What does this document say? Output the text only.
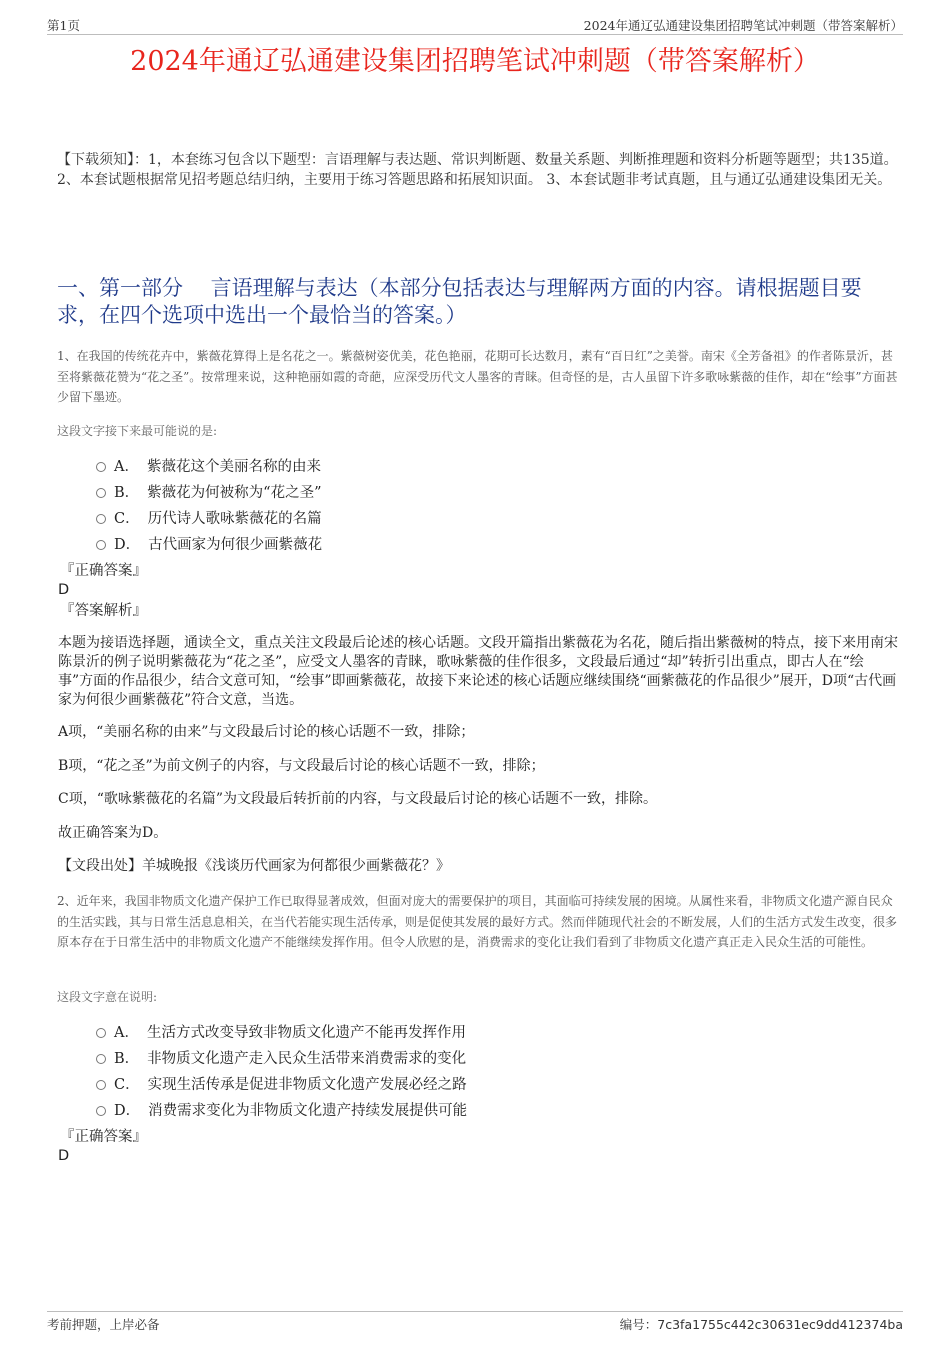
第1页	2024年通辽弘通建设集团招聘笔试冲刺题（带答案解析）
2024年通辽弘通建设集团招聘笔试冲刺题（带答案解析）
【下载须知】：1，本套练习包含以下题型：言语理解与表达题、常识判断题、数量关系题、判断推理题和资料分析题等题型；共135道。 2、本套试题根据常见招考题总结归纳，主要用于练习答题思路和拓展知识面。 3、本套试题非考试真题，且与通辽弘通建设集团无关。
一、第一部分　 言语理解与表达（本部分包括表达与理解两方面的内容。请根据题目要求，在四个选项中选出一个最恰当的答案。）
1、在我国的传统花卉中，紫薇花算得上是名花之一。紫薇树姿优美，花色艳丽，花期可长达数月，素有“百日红”之美誉。南宋《全芳备祖》的作者陈景沂，甚至将紫薇花赞为“花之圣”。按常理来说，这种艳丽如霞的奇葩，应深受历代文人墨客的青睐。但奇怪的是，古人虽留下许多歌咏紫薇的佳作，却在“绘事”方面甚少留下墨迹。
这段文字接下来最可能说的是:
A． 紫薇花这个美丽名称的由来
B． 紫薇花为何被称为“花之圣”
C． 历代诗人歌咏紫薇花的名篇
D． 古代画家为何很少画紫薇花
『正确答案』
D
『答案解析』
本题为接语选择题，通读全文，重点关注文段最后论述的核心话题。文段开篇指出紫薇花为名花，随后指出紫薇树的特点，接下来用南宋陈景沂的例子说明紫薇花为“花之圣”，应受文人墨客的青睐，歌咏紫薇的佳作很多，文段最后通过“却”转折引出重点，即古人在“绘事”方面的作品很少，结合文意可知，“绘事”即画紫薇花，故接下来论述的核心话题应继续围绕“画紫薇花的作品很少”展开，D项“古代画家为何很少画紫薇花”符合文意，当选。
A项，“美丽名称的由来”与文段最后讨论的核心话题不一致，排除；
B项，“花之圣”为前文例子的内容，与文段最后讨论的核心话题不一致，排除；
C项，“歌咏紫薇花的名篇”为文段最后转折前的内容，与文段最后讨论的核心话题不一致，排除。
故正确答案为D。
【文段出处】羊城晚报《浅谈历代画家为何都很少画紫薇花？》
2、近年来，我国非物质文化遗产保护工作已取得显著成效，但面对庞大的需要保护的项目，其面临可持续发展的困境。从属性来看，非物质文化遗产源自民众的生活实践，其与日常生活息息相关，在当代若能实现生活传承，则是促使其发展的最好方式。然而伴随现代社会的不断发展，人们的生活方式发生改变，很多原本存在于日常生活中的非物质文化遗产不能继续发挥作用。但令人欣慰的是，消费需求的变化让我们看到了非物质文化遗产真正走入民众生活的可能性。
这段文字意在说明:
A． 生活方式改变导致非物质文化遗产不能再发挥作用
B． 非物质文化遗产走入民众生活带来消费需求的变化
C． 实现生活传承是促进非物质文化遗产发展必经之路
D． 消费需求变化为非物质文化遗产持续发展提供可能
『正确答案』
D
考前押题，上岸必备	编号：7c3fa1755c442c30631ec9dd412374ba
